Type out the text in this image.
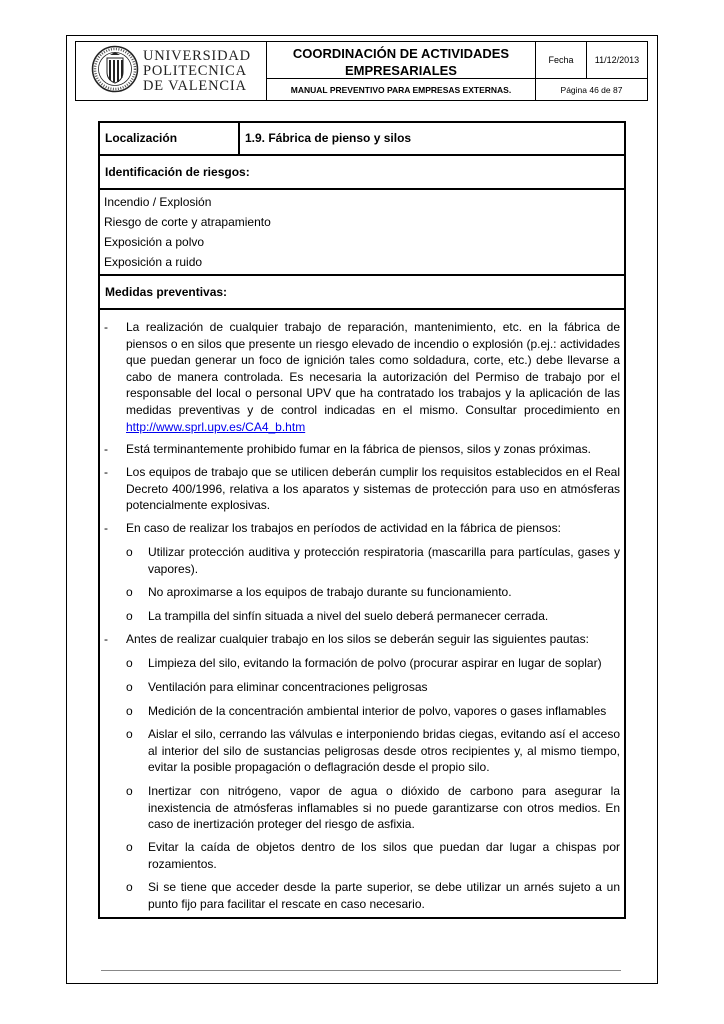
UNIVERSIDAD
POLITECNICA
DE VALENCIA
COORDINACIÓN DE ACTIVIDADES EMPRESARIALES
Fecha	11/12/2013
MANUAL PREVENTIVO PARA EMPRESAS EXTERNAS.	Página 46 de 87
Localización	1.9. Fábrica de pienso y silos
Identificación de riesgos:
Incendio / Explosión
Riesgo de corte y atrapamiento
Exposición a polvo
Exposición a ruido
Medidas preventivas:
- La realización de cualquier trabajo de reparación, mantenimiento, etc. en la fábrica de piensos o en silos que presente un riesgo elevado de incendio o explosión (p.ej.: actividades que puedan generar un foco de ignición tales como soldadura, corte, etc.) debe llevarse a cabo de manera controlada. Es necesaria la autorización del Permiso de trabajo por el responsable del local o personal UPV que ha contratado los trabajos y la aplicación de las medidas preventivas y de control indicadas en el mismo. Consultar procedimiento en http://www.sprl.upv.es/CA4_b.htm
- Está terminantemente prohibido fumar en la fábrica de piensos, silos y zonas próximas.
- Los equipos de trabajo que se utilicen deberán cumplir los requisitos establecidos en el Real Decreto 400/1996, relativa a los aparatos y sistemas de protección para uso en atmósferas potencialmente explosivas.
- En caso de realizar los trabajos en períodos de actividad en la fábrica de piensos:
o Utilizar protección auditiva y protección respiratoria (mascarilla para partículas, gases y vapores).
o No aproximarse a los equipos de trabajo durante su funcionamiento.
o La trampilla del sinfín situada a nivel del suelo deberá permanecer cerrada.
- Antes de realizar cualquier trabajo en los silos se deberán seguir las siguientes pautas:
o Limpieza del silo, evitando la formación de polvo (procurar aspirar en lugar de soplar)
o Ventilación para eliminar concentraciones peligrosas
o Medición de la concentración ambiental interior de polvo, vapores o gases inflamables
o Aislar el silo, cerrando las válvulas e interponiendo bridas ciegas, evitando así el acceso al interior del silo de sustancias peligrosas desde otros recipientes y, al mismo tiempo, evitar la posible propagación o deflagración desde el propio silo.
o Inertizar con nitrógeno, vapor de agua o dióxido de carbono para asegurar la inexistencia de atmósferas inflamables si no puede garantizarse con otros medios. En caso de inertización proteger del riesgo de asfixia.
o Evitar la caída de objetos dentro de los silos que puedan dar lugar a chispas por rozamientos.
o Si se tiene que acceder desde la parte superior, se debe utilizar un arnés sujeto a un punto fijo para facilitar el rescate en caso necesario.
